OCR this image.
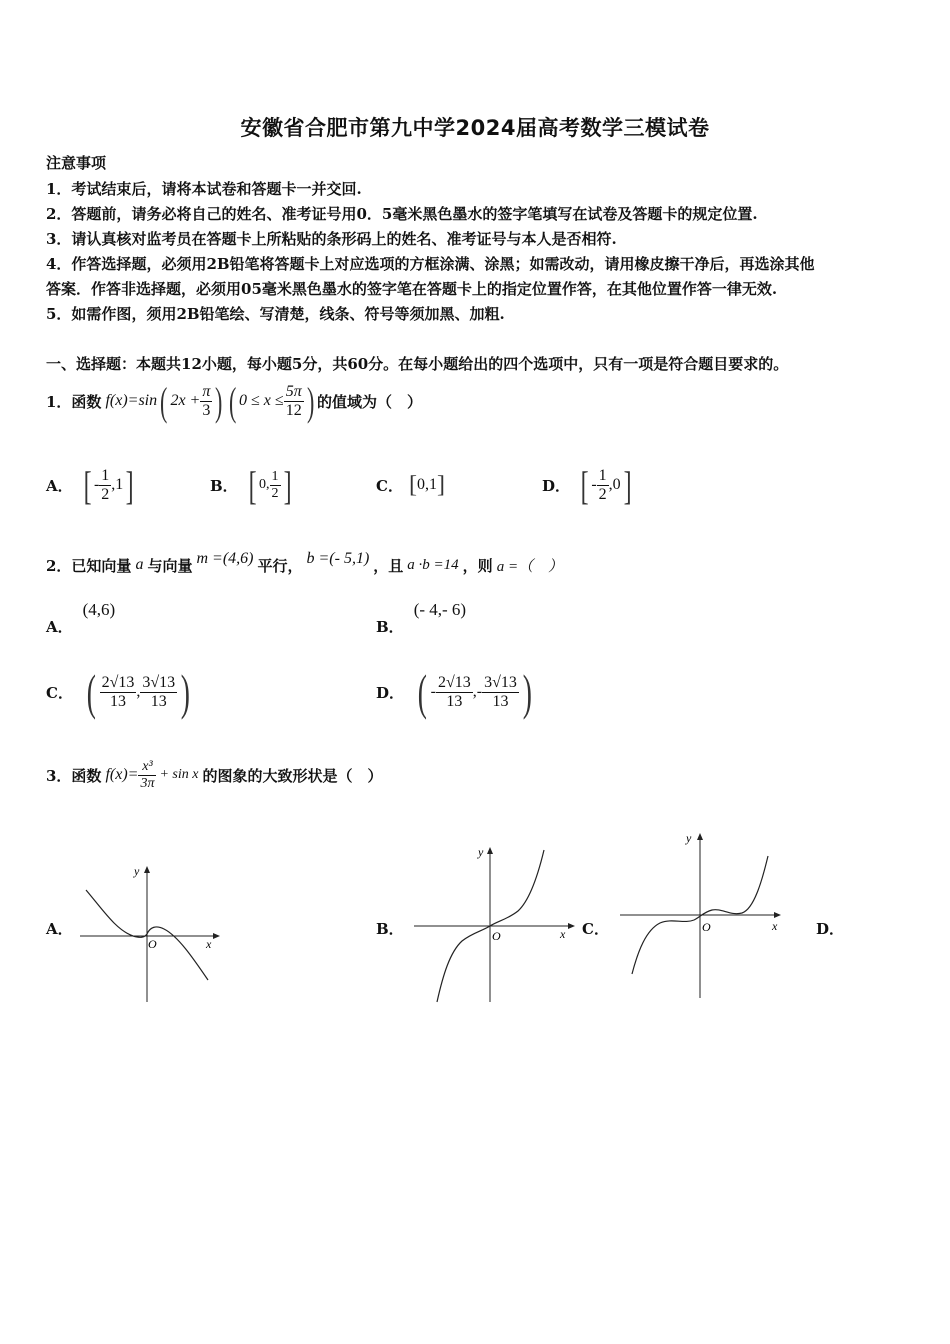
安徽省合肥市第九中学2024届高考数学三模试卷
注意事项
1．考试结束后，请将本试卷和答题卡一并交回.
2．答题前，请务必将自己的姓名、准考证号用0．5毫米黑色墨水的签字笔填写在试卷及答题卡的规定位置.
3．请认真核对监考员在答题卡上所粘贴的条形码上的姓名、准考证号与本人是否相符.
4．作答选择题，必须用2B铅笔将答题卡上对应选项的方框涂满、涂黑；如需改动，请用橡皮擦干净后，再选涂其他
答案．作答非选择题，必须用05毫米黑色墨水的签字笔在答题卡上的指定位置作答，在其他位置作答一律无效.
5．如需作图，须用2B铅笔绘、写清楚，线条、符号等须加黑、加粗.
一、选择题：本题共12小题，每小题5分，共60分。在每小题给出的四个选项中，只有一项是符合题目要求的。
1．函数 f(x)=sin ( $2x + \frac{\pi}{3}$ ) ( $0 \le x \le \frac{5\pi}{12}$ ) 的值域为（　）
A． [ - $\frac{1}{2} ,1$ ]	B． [ 0, $\frac{1}{2}$ ]	C． [ 0,1 ]	D． [ - $\frac{1}{2} ,0$ ]
2．已知向量 a 与向量 m =(4,6) 平行， b =(- 5,1) ，且 a ·b =14 ，则 a =（　）
A．
(4,6)
B．
(- 4,- 6)
C． ( $\frac{2√13}{13}$ , $\frac{3√13}{13}$ )	D． ( - $\frac{2√13}{13}$ ,- $\frac{3√13}{13}$ )
3．函数 $f(x)= \frac{\text{x³}}{3\pi} + \sin x$ 的图象的大致形状是（　）
A．	B．	C．	D．
y
x
O
y
x
O
y
x
O
